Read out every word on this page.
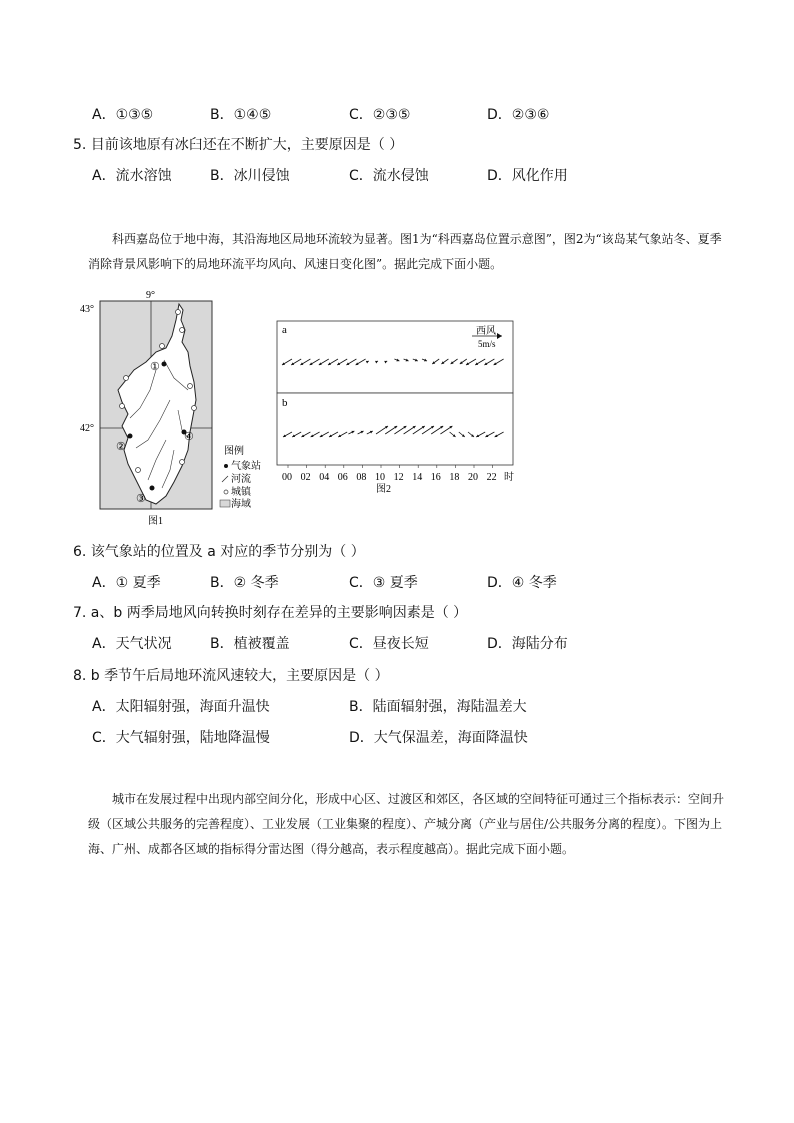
A．①③⑤	B．①④⑤	C．②③⑤	D．②③⑥
5. 目前该地原有冰臼还在不断扩大，主要原因是（ ）
A．流水溶蚀	B．冰川侵蚀	C．流水侵蚀	D．风化作用

科西嘉岛位于地中海，其沿海地区局地环流较为显著。图1为“科西嘉岛位置示意图”，图2为“该岛某气象站冬、夏季消除背景风影响下的局地环流平均风向、风速日变化图”。据此完成下面小题。

①
②
③
④
9°
43°
42°
图1
图例
气象站
河流
城镇
海域
a
b
西风
5m/s
00 02 04 06 08 10 12 14 16 18 20 22 时
图2
6. 该气象站的位置及 a 对应的季节分别为（ ）
A．① 夏季	B．② 冬季	C．③ 夏季	D．④ 冬季
7. a、b 两季局地风向转换时刻存在差异的主要影响因素是（ ）
A．天气状况	B．植被覆盖	C．昼夜长短	D．海陆分布
8. b 季节午后局地环流风速较大，主要原因是（ ）
A．太阳辐射强，海面升温快	B．陆面辐射强，海陆温差大
C．大气辐射强，陆地降温慢	D．大气保温差，海面降温快

城市在发展过程中出现内部空间分化，形成中心区、过渡区和郊区，各区域的空间特征可通过三个指标表示：空间升级（区域公共服务的完善程度）、工业发展（工业集聚的程度）、产城分离（产业与居住/公共服务分离的程度）。下图为上海、广州、成都各区域的指标得分雷达图（得分越高，表示程度越高）。据此完成下面小题。
